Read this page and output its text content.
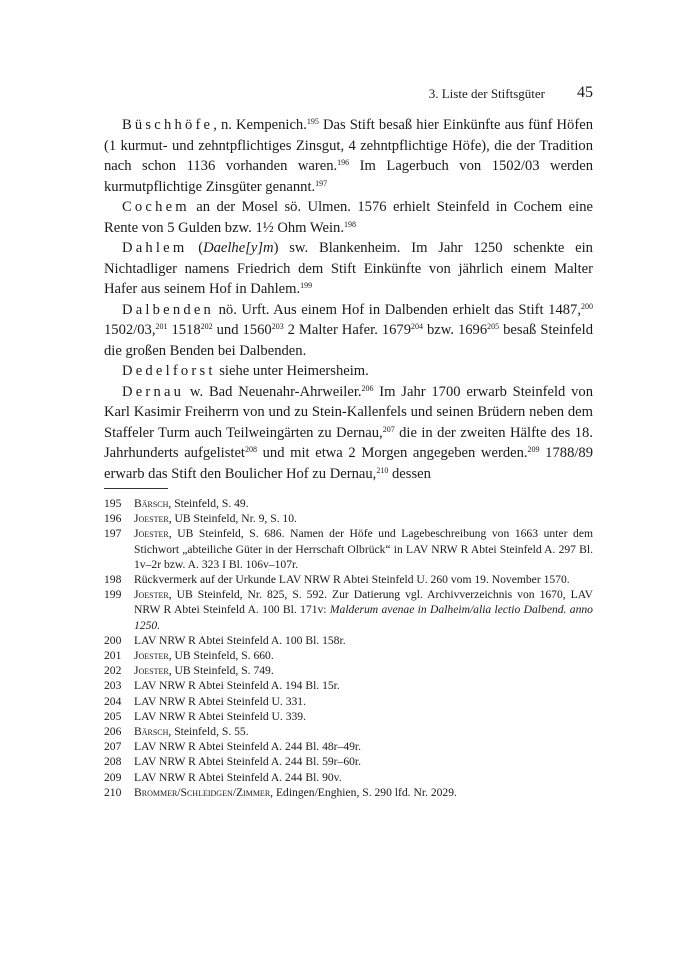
3. Liste der Stiftsgüter 45

Büschhöfe, n. Kempenich.$^{195}$ Das Stift besaß hier Einkünfte aus fünf Höfen (1 kurmut- und zehntpflichtiges Zinsgut, 4 zehntpflichtige Höfe), die der Tradition nach schon 1136 vorhanden waren.$^{196}$ Im Lagerbuch von 1502/03 werden kurmutpflichtige Zinsgüter genannt.$^{197}$

Cochem an der Mosel sö. Ulmen. 1576 erhielt Steinfeld in Cochem eine Rente von 5 Gulden bzw. 1½ Ohm Wein.$^{198}$

Dahlem (Daelhe[y]m) sw. Blankenheim. Im Jahr 1250 schenkte ein Nichtadliger namens Friedrich dem Stift Einkünfte von jährlich einem Malter Hafer aus seinem Hof in Dahlem.$^{199}$

Dalbenden nö. Urft. Aus einem Hof in Dalbenden erhielt das Stift 1487,$^{200}$ 1502/03,$^{201}$ 1518$^{202}$ und 1560$^{203}$ 2 Malter Hafer. 1679$^{204}$ bzw. 1696$^{205}$ besaß Steinfeld die großen Benden bei Dalbenden.

Dedelforst siehe unter Heimersheim.

Dernau w. Bad Neuenahr-Ahrweiler.$^{206}$ Im Jahr 1700 erwarb Steinfeld von Karl Kasimir Freiherrn von und zu Stein-Kallenfels und seinen Brüdern neben dem Staffeler Turm auch Teilweingärten zu Dernau,$^{207}$ die in der zweiten Hälfte des 18. Jahrhunderts aufgelistet$^{208}$ und mit etwa 2 Morgen angegeben werden.$^{209}$ 1788/89 erwarb das Stift den Boulicher Hof zu Dernau,$^{210}$ dessen

195	Bärsch, Steinfeld, S. 49.
196	Joester, UB Steinfeld, Nr. 9, S. 10.
197	Joester, UB Steinfeld, S. 686. Namen der Höfe und Lagebeschreibung von 1663 unter dem Stichwort „abteiliche Güter in der Herrschaft Olbrück“ in LAV NRW R Abtei Steinfeld A. 297 Bl. 1v–2r bzw. A. 323 I Bl. 106v–107r.
198	Rückvermerk auf der Urkunde LAV NRW R Abtei Steinfeld U. 260 vom 19. November 1570.
199	Joester, UB Steinfeld, Nr. 825, S. 592. Zur Datierung vgl. Archivverzeichnis von 1670, LAV NRW R Abtei Steinfeld A. 100 Bl. 171v: Malderum avenae in Dalheim/alia lectio Dalbend. anno 1250.
200	LAV NRW R Abtei Steinfeld A. 100 Bl. 158r.
201	Joester, UB Steinfeld, S. 660.
202	Joester, UB Steinfeld, S. 749.
203	LAV NRW R Abtei Steinfeld A. 194 Bl. 15r.
204	LAV NRW R Abtei Steinfeld U. 331.
205	LAV NRW R Abtei Steinfeld U. 339.
206	Bärsch, Steinfeld, S. 55.
207	LAV NRW R Abtei Steinfeld A. 244 Bl. 48r–49r.
208	LAV NRW R Abtei Steinfeld A. 244 Bl. 59r–60r.
209	LAV NRW R Abtei Steinfeld A. 244 Bl. 90v.
210	Brommer/Schleidgen/Zimmer, Edingen/Enghien, S. 290 lfd. Nr. 2029.
